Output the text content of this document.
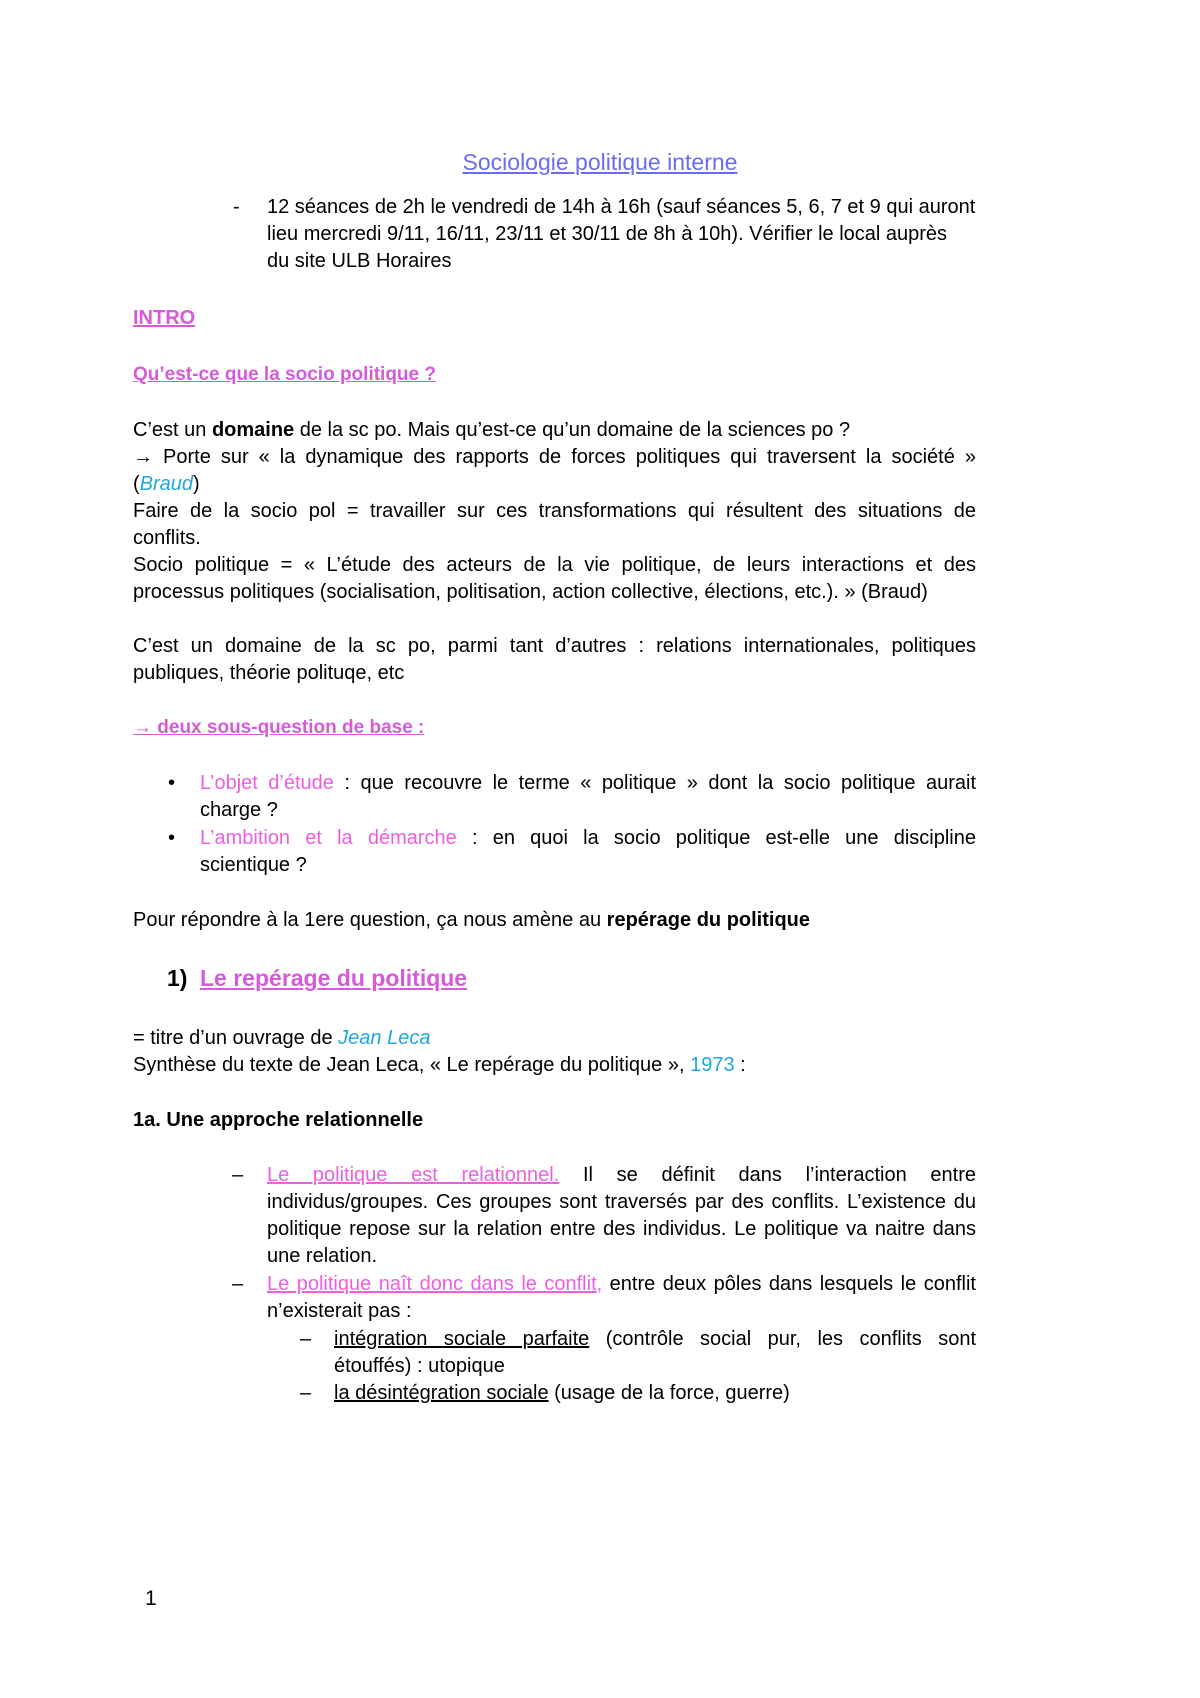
Sociologie politique interne
- 12 séances de 2h le vendredi de 14h à 16h (sauf séances 5, 6, 7 et 9 qui auront
lieu mercredi 9/11, 16/11, 23/11 et 30/11 de 8h à 10h). Vérifier le local auprès
du site ULB Horaires
INTRO
Qu’est-ce que la socio politique ?
C’est un domaine de la sc po. Mais qu’est-ce qu’un domaine de la sciences po ?
→ Porte sur « la dynamique des rapports de forces politiques qui traversent la société »
(Braud)
Faire de la socio pol = travailler sur ces transformations qui résultent des situations de
conflits.
Socio politique = « L’étude des acteurs de la vie politique, de leurs interactions et des
processus politiques (socialisation, politisation, action collective, élections, etc.). » (Braud)
C’est un domaine de la sc po, parmi tant d’autres : relations internationales, politiques
publiques, théorie polituqe, etc
→ deux sous-question de base :
• L’objet d’étude : que recouvre le terme « politique » dont la socio politique aurait
charge ?
• L’ambition et la démarche : en quoi la socio politique est-elle une discipline
scientique ?
Pour répondre à la 1ere question, ça nous amène au repérage du politique
1) Le repérage du politique
= titre d’un ouvrage de Jean Leca
Synthèse du texte de Jean Leca, « Le repérage du politique », 1973 :
1a. Une approche relationnelle
– Le politique est relationnel. Il se définit dans l’interaction entre
individus/groupes. Ces groupes sont traversés par des conflits. L’existence du
politique repose sur la relation entre des individus. Le politique va naitre dans
une relation.
– Le politique naît donc dans le conflit, entre deux pôles dans lesquels le conflit
n’existerait pas :
– intégration sociale parfaite (contrôle social pur, les conflits sont
étouffés) : utopique
– la désintégration sociale (usage de la force, guerre)
1
